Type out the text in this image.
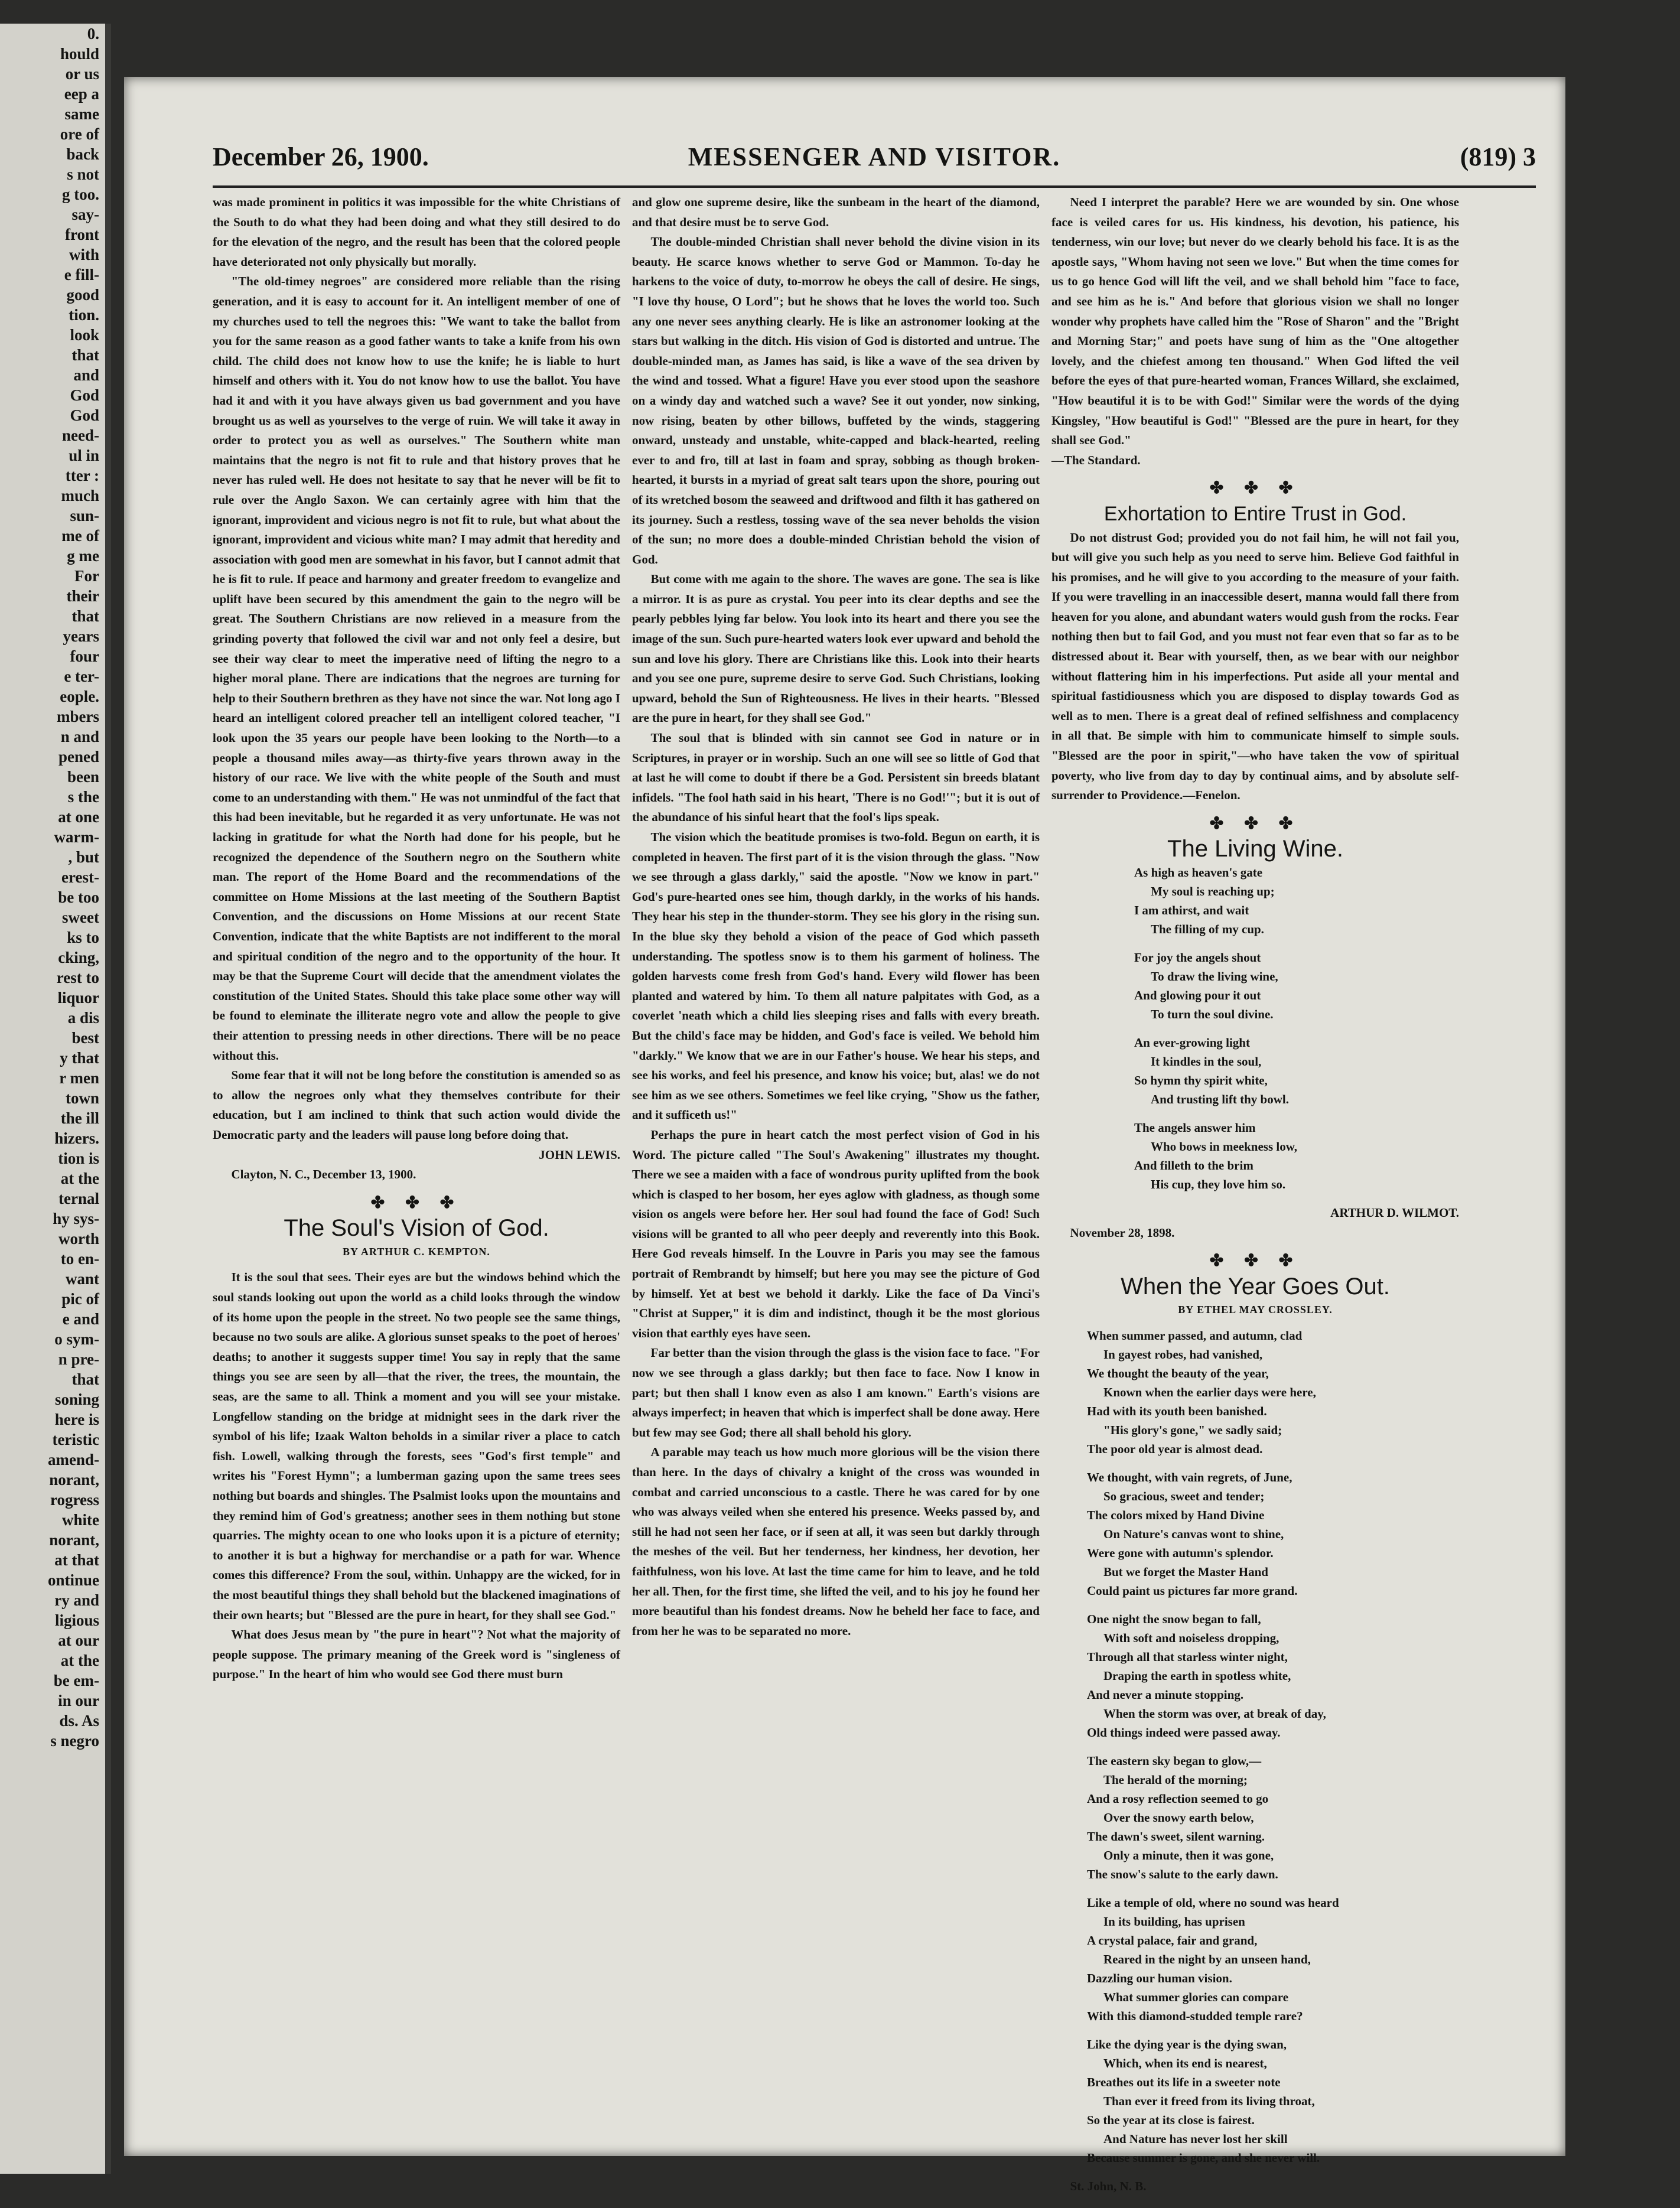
0.
hould
or us
eep a
same
ore of
back
s not
g too.
say-
front
with
e fill-
good
tion.
look
that
and
God
God
need-
ul in
tter :
much
sun-
me of
g me
For
their
that
years
four
e ter-
eople.
mbers
n and
pened
been
s the
at one
warm-
, but
erest-
be too
sweet
ks to
cking,
rest to
liquor
a dis
best
y that
r men
town
the ill
hizers.
tion is
at the
ternal
hy sys-
worth
to en-
want
pic of
e and
o sym-
n pre-
that
soning
here is
teristic
amend-
norant,
rogress
white
norant,
at that
ontinue
ry and
ligious
at our
at the
be em-
in our
ds. As
s negro
December 26, 1900.	MESSENGER AND VISITOR.	(819) 3

was made prominent in politics it was impossible for the white Christians of the South to do what they had been doing and what they still desired to do for the elevation of the negro, and the result has been that the colored people have deteriorated not only physically but morally.

"The old-timey negroes" are considered more reliable than the rising generation, and it is easy to account for it. An intelligent member of one of my churches used to tell the negroes this: "We want to take the ballot from you for the same reason as a good father wants to take a knife from his own child. The child does not know how to use the knife; he is liable to hurt himself and others with it. You do not know how to use the ballot. You have had it and with it you have always given us bad government and you have brought us as well as yourselves to the verge of ruin. We will take it away in order to protect you as well as ourselves." The Southern white man maintains that the negro is not fit to rule and that history proves that he never has ruled well. He does not hesitate to say that he never will be fit to rule over the Anglo Saxon. We can certainly agree with him that the ignorant, improvident and vicious negro is not fit to rule, but what about the ignorant, improvident and vicious white man? I may admit that heredity and association with good men are somewhat in his favor, but I cannot admit that he is fit to rule. If peace and harmony and greater freedom to evangelize and uplift have been secured by this amendment the gain to the negro will be great. The Southern Christians are now relieved in a measure from the grinding poverty that followed the civil war and not only feel a desire, but see their way clear to meet the imperative need of lifting the negro to a higher moral plane. There are indications that the negroes are turning for help to their Southern brethren as they have not since the war. Not long ago I heard an intelligent colored preacher tell an intelligent colored teacher, "I look upon the 35 years our people have been looking to the North—to a people a thousand miles away—as thirty-five years thrown away in the history of our race. We live with the white people of the South and must come to an understanding with them." He was not unmindful of the fact that this had been inevitable, but he regarded it as very unfortunate. He was not lacking in gratitude for what the North had done for his people, but he recognized the dependence of the Southern negro on the Southern white man. The report of the Home Board and the recommendations of the committee on Home Missions at the last meeting of the Southern Baptist Convention, and the discussions on Home Missions at our recent State Convention, indicate that the white Baptists are not indifferent to the moral and spiritual condition of the negro and to the opportunity of the hour. It may be that the Supreme Court will decide that the amendment violates the constitution of the United States. Should this take place some other way will be found to eleminate the illiterate negro vote and allow the people to give their attention to pressing needs in other directions. There will be no peace without this.

Some fear that it will not be long before the constitution is amended so as to allow the negroes only what they themselves contribute for their education, but I am inclined to think that such action would divide the Democratic party and the leaders will pause long before doing that.

JOHN LEWIS.

Clayton, N. C., December 13, 1900.

✤ ✤ ✤
The Soul's Vision of God.
BY ARTHUR C. KEMPTON.

It is the soul that sees. Their eyes are but the windows behind which the soul stands looking out upon the world as a child looks through the window of its home upon the people in the street. No two people see the same things, because no two souls are alike. A glorious sunset speaks to the poet of heroes' deaths; to another it suggests supper time! You say in reply that the same things you see are seen by all—that the river, the trees, the mountain, the seas, are the same to all. Think a moment and you will see your mistake. Longfellow standing on the bridge at midnight sees in the dark river the symbol of his life; Izaak Walton beholds in a similar river a place to catch fish. Lowell, walking through the forests, sees "God's first temple" and writes his "Forest Hymn"; a lumberman gazing upon the same trees sees nothing but boards and shingles. The Psalmist looks upon the mountains and they remind him of God's greatness; another sees in them nothing but stone quarries. The mighty ocean to one who looks upon it is a picture of eternity; to another it is but a highway for merchandise or a path for war. Whence comes this difference? From the soul, within. Unhappy are the wicked, for in the most beautiful things they shall behold but the blackened imaginations of their own hearts; but "Blessed are the pure in heart, for they shall see God."

What does Jesus mean by "the pure in heart"? Not what the majority of people suppose. The primary meaning of the Greek word is "singleness of purpose." In the heart of him who would see God there must burn

and glow one supreme desire, like the sunbeam in the heart of the diamond, and that desire must be to serve God.

The double-minded Christian shall never behold the divine vision in its beauty. He scarce knows whether to serve God or Mammon. To-day he harkens to the voice of duty, to-morrow he obeys the call of desire. He sings, "I love thy house, O Lord"; but he shows that he loves the world too. Such any one never sees anything clearly. He is like an astronomer looking at the stars but walking in the ditch. His vision of God is distorted and untrue. The double-minded man, as James has said, is like a wave of the sea driven by the wind and tossed. What a figure! Have you ever stood upon the seashore on a windy day and watched such a wave? See it out yonder, now sinking, now rising, beaten by other billows, buffeted by the winds, staggering onward, unsteady and unstable, white-capped and black-hearted, reeling ever to and fro, till at last in foam and spray, sobbing as though broken-hearted, it bursts in a myriad of great salt tears upon the shore, pouring out of its wretched bosom the seaweed and driftwood and filth it has gathered on its journey. Such a restless, tossing wave of the sea never beholds the vision of the sun; no more does a double-minded Christian behold the vision of God.

But come with me again to the shore. The waves are gone. The sea is like a mirror. It is as pure as crystal. You peer into its clear depths and see the pearly pebbles lying far below. You look into its heart and there you see the image of the sun. Such pure-hearted waters look ever upward and behold the sun and love his glory. There are Christians like this. Look into their hearts and you see one pure, supreme desire to serve God. Such Christians, looking upward, behold the Sun of Righteousness. He lives in their hearts. "Blessed are the pure in heart, for they shall see God."

The soul that is blinded with sin cannot see God in nature or in Scriptures, in prayer or in worship. Such an one will see so little of God that at last he will come to doubt if there be a God. Persistent sin breeds blatant infidels. "The fool hath said in his heart, 'There is no God!'"; but it is out of the abundance of his sinful heart that the fool's lips speak.

The vision which the beatitude promises is two-fold. Begun on earth, it is completed in heaven. The first part of it is the vision through the glass. "Now we see through a glass darkly," said the apostle. "Now we know in part." God's pure-hearted ones see him, though darkly, in the works of his hands. They hear his step in the thunder-storm. They see his glory in the rising sun. In the blue sky they behold a vision of the peace of God which passeth understanding. The spotless snow is to them his garment of holiness. The golden harvests come fresh from God's hand. Every wild flower has been planted and watered by him. To them all nature palpitates with God, as a coverlet 'neath which a child lies sleeping rises and falls with every breath. But the child's face may be hidden, and God's face is veiled. We behold him "darkly." We know that we are in our Father's house. We hear his steps, and see his works, and feel his presence, and know his voice; but, alas! we do not see him as we see others. Sometimes we feel like crying, "Show us the father, and it sufficeth us!"

Perhaps the pure in heart catch the most perfect vision of God in his Word. The picture called "The Soul's Awakening" illustrates my thought. There we see a maiden with a face of wondrous purity uplifted from the book which is clasped to her bosom, her eyes aglow with gladness, as though some vision os angels were before her. Her soul had found the face of God! Such visions will be granted to all who peer deeply and reverently into this Book. Here God reveals himself. In the Louvre in Paris you may see the famous portrait of Rembrandt by himself; but here you may see the picture of God by himself. Yet at best we behold it darkly. Like the face of Da Vinci's "Christ at Supper," it is dim and indistinct, though it be the most glorious vision that earthly eyes have seen.

Far better than the vision through the glass is the vision face to face. "For now we see through a glass darkly; but then face to face. Now I know in part; but then shall I know even as also I am known." Earth's visions are always imperfect; in heaven that which is imperfect shall be done away. Here but few may see God; there all shall behold his glory.

A parable may teach us how much more glorious will be the vision there than here. In the days of chivalry a knight of the cross was wounded in combat and carried unconscious to a castle. There he was cared for by one who was always veiled when she entered his presence. Weeks passed by, and still he had not seen her face, or if seen at all, it was seen but darkly through the meshes of the veil. But her tenderness, her kindness, her devotion, her faithfulness, won his love. At last the time came for him to leave, and he told her all. Then, for the first time, she lifted the veil, and to his joy he found her more beautiful than his fondest dreams. Now he beheld her face to face, and from her he was to be separated no more.

Need I interpret the parable? Here we are wounded by sin. One whose face is veiled cares for us. His kindness, his devotion, his patience, his tenderness, win our love; but never do we clearly behold his face. It is as the apostle says, "Whom having not seen we love." But when the time comes for us to go hence God will lift the veil, and we shall behold him "face to face, and see him as he is." And before that glorious vision we shall no longer wonder why prophets have called him the "Rose of Sharon" and the "Bright and Morning Star;" and poets have sung of him as the "One altogether lovely, and the chiefest among ten thousand." When God lifted the veil before the eyes of that pure-hearted woman, Frances Willard, she exclaimed, "How beautiful it is to be with God!" Similar were the words of the dying Kingsley, "How beautiful is God!" "Blessed are the pure in heart, for they shall see God."

—The Standard.

✤ ✤ ✤
Exhortation to Entire Trust in God.

Do not distrust God; provided you do not fail him, he will not fail you, but will give you such help as you need to serve him. Believe God faithful in his promises, and he will give to you according to the measure of your faith. If you were travelling in an inaccessible desert, manna would fall there from heaven for you alone, and abundant waters would gush from the rocks. Fear nothing then but to fail God, and you must not fear even that so far as to be distressed about it. Bear with yourself, then, as we bear with our neighbor without flattering him in his imperfections. Put aside all your mental and spiritual fastidiousness which you are disposed to display towards God as well as to men. There is a great deal of refined selfishness and complacency in all that. Be simple with him to communicate himself to simple souls. "Blessed are the poor in spirit,"—who have taken the vow of spiritual poverty, who live from day to day by continual aims, and by absolute self-surrender to Providence.—Fenelon.

✤ ✤ ✤
The Living Wine.
As high as heaven's gate
My soul is reaching up;
I am athirst, and wait
The filling of my cup.
For joy the angels shout
To draw the living wine,
And glowing pour it out
To turn the soul divine.
An ever-growing light
It kindles in the soul,
So hymn thy spirit white,
And trusting lift thy bowl.
The angels answer him
Who bows in meekness low,
And filleth to the brim
His cup, they love him so.

ARTHUR D. WILMOT.

November 28, 1898.

✤ ✤ ✤
When the Year Goes Out.
BY ETHEL MAY CROSSLEY.
When summer passed, and autumn, clad
In gayest robes, had vanished,
We thought the beauty of the year,
Known when the earlier days were here,
Had with its youth been banished.
"His glory's gone," we sadly said;
The poor old year is almost dead.
We thought, with vain regrets, of June,
So gracious, sweet and tender;
The colors mixed by Hand Divine
On Nature's canvas wont to shine,
Were gone with autumn's splendor.
But we forget the Master Hand
Could paint us pictures far more grand.
One night the snow began to fall,
With soft and noiseless dropping,
Through all that starless winter night,
Draping the earth in spotless white,
And never a minute stopping.
When the storm was over, at break of day,
Old things indeed were passed away.
The eastern sky began to glow,—
The herald of the morning;
And a rosy reflection seemed to go
Over the snowy earth below,
The dawn's sweet, silent warning.
Only a minute, then it was gone,
The snow's salute to the early dawn.
Like a temple of old, where no sound was heard
In its building, has uprisen
A crystal palace, fair and grand,
Reared in the night by an unseen hand,
Dazzling our human vision.
What summer glories can compare
With this diamond-studded temple rare?
Like the dying year is the dying swan,
Which, when its end is nearest,
Breathes out its life in a sweeter note
Than ever it freed from its living throat,
So the year at its close is fairest.
And Nature has never lost her skill
Because summer is gone, and she never will.

St. John, N. B.
